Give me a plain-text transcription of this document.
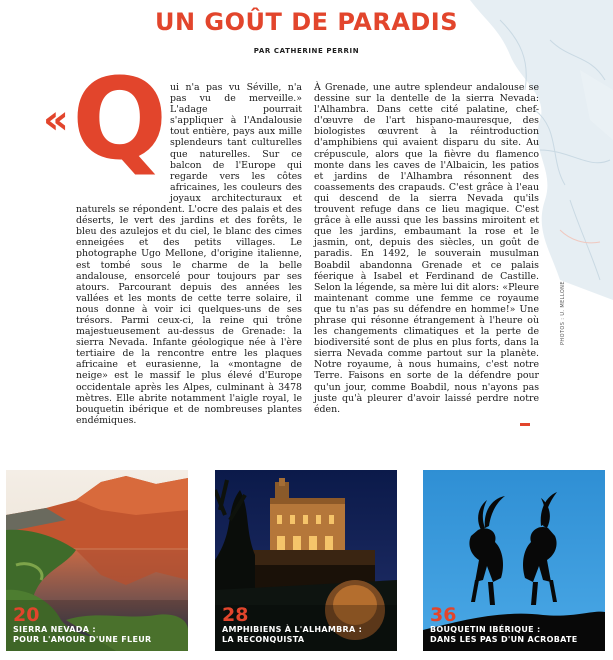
UN GOÛT DE PARADIS
PAR CATHERINE PERRIN
« Q ui n'a pas vu Séville, n'a pas vu de merveille.» L'adage pourrait s'appliquer à l'Andalousie tout entière, pays aux mille splendeurs tant culturelles que naturelles. Sur ce balcon de l'Europe qui regarde vers les côtes africaines, les couleurs des joyaux architecturaux et naturels se répondent. L'ocre des palais et des déserts, le vert des jardins et des forêts, le bleu des azulejos et du ciel, le blanc des cimes enneigées et des petits villages. Le photographe Ugo Mellone, d'origine italienne, est tombé sous le charme de la belle andalouse, ensorcelé pour toujours par ses atours. Parcourant depuis des années les vallées et les monts de cette terre solaire, il nous donne à voir ici quelques-uns de ses trésors. Parmi ceux-ci, la reine qui trône majestueusement au-dessus de Grenade: la sierra Nevada. Infante géologique née à l'ère tertiaire de la rencontre entre les plaques africaine et eurasienne, la «montagne de neige» est le massif le plus élevé d'Europe occidentale après les Alpes, culminant à 3478 mètres. Elle abrite notamment l'aigle royal, le bouquetin ibérique et de nombreuses plantes endémiques.

À Grenade, une autre splendeur andalouse se dessine sur la dentelle de la sierra Nevada: l'Alhambra. Dans cette cité palatine, chef-d'œuvre de l'art hispano-mauresque, des biologistes œuvrent à la réintroduction d'amphibiens qui avaient disparu du site. Au crépuscule, alors que la fièvre du flamenco monte dans les caves de l'Albaicin, les patios et jardins de l'Alhambra résonnent des coassements des crapauds. C'est grâce à l'eau qui descend de la sierra Nevada qu'ils trouvent refuge dans ce lieu magique. C'est grâce à elle aussi que les bassins miroitent et que les jardins, embaumant la rose et le jasmin, ont, depuis des siècles, un goût de paradis. En 1492, le souverain musulman Boabdil abandonna Grenade et ce palais féerique à Isabel et Ferdinand de Castille. Selon la légende, sa mère lui dit alors: «Pleure maintenant comme une femme ce royaume que tu n'as pas su défendre en homme!» Une phrase qui résonne étrangement à l'heure où les changements climatiques et la perte de biodiversité sont de plus en plus forts, dans la sierra Nevada comme partout sur la planète. Notre royaume, à nous humains, c'est notre Terre. Faisons en sorte de la défendre pour qu'un jour, comme Boabdil, nous n'ayons pas juste qu'à pleurer d'avoir laissé perdre notre éden.

PHOTOS : U. MELLONE
20
SIERRA NEVADA :
POUR L'AMOUR D'UNE FLEUR
28
AMPHIBIENS À L'ALHAMBRA :
LA RECONQUISTA
36
BOUQUETIN IBÉRIQUE :
DANS LES PAS D'UN ACROBATE
